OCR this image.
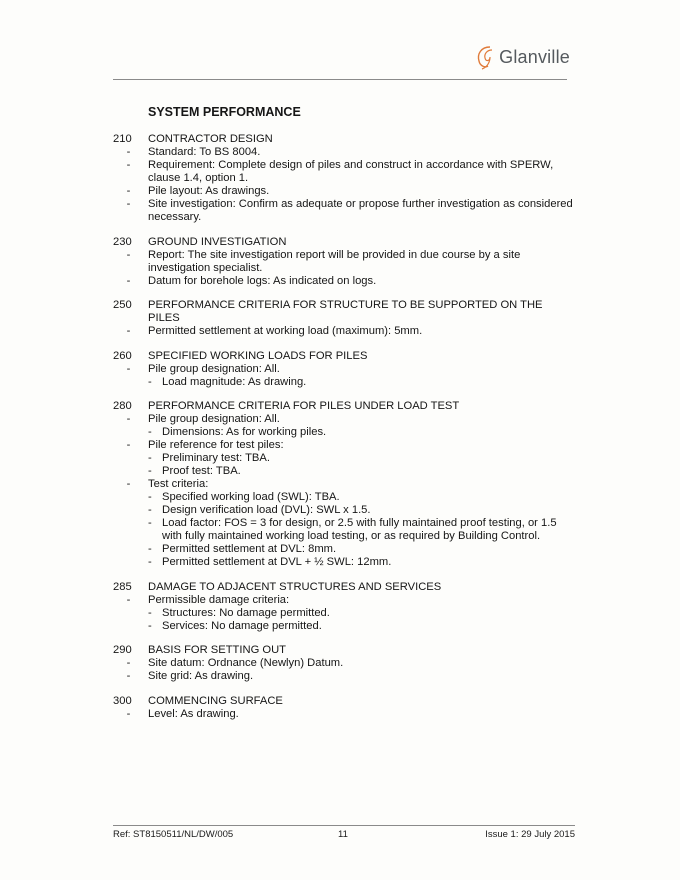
Glanville
SYSTEM PERFORMANCE
210	CONTRACTOR DESIGN
-	Standard: To BS 8004.
-	Requirement: Complete design of piles and construct in accordance with SPERW, clause 1.4, option 1.
-	Pile layout: As drawings.
-	Site investigation: Confirm as adequate or propose further investigation as considered necessary.
230	GROUND INVESTIGATION
-	Report: The site investigation report will be provided in due course by a site investigation specialist.
-	Datum for borehole logs: As indicated on logs.
250	PERFORMANCE CRITERIA FOR STRUCTURE TO BE SUPPORTED ON THE PILES
-	Permitted settlement at working load (maximum): 5mm.
260	SPECIFIED WORKING LOADS FOR PILES
-	Pile group designation: All.
- Load magnitude: As drawing.
280	PERFORMANCE CRITERIA FOR PILES UNDER LOAD TEST
-	Pile group designation: All.
- Dimensions: As for working piles.
-	Pile reference for test piles:
- Preliminary test: TBA.
- Proof test: TBA.
-	Test criteria:
- Specified working load (SWL): TBA.
- Design verification load (DVL): SWL x 1.5.
- Load factor: FOS = 3 for design, or 2.5 with fully maintained proof testing, or 1.5 with fully maintained working load testing, or as required by Building Control.
- Permitted settlement at DVL: 8mm.
- Permitted settlement at DVL + ½ SWL: 12mm.
285	DAMAGE TO ADJACENT STRUCTURES AND SERVICES
-	Permissible damage criteria:
- Structures: No damage permitted.
- Services: No damage permitted.
290	BASIS FOR SETTING OUT
-	Site datum: Ordnance (Newlyn) Datum.
-	Site grid: As drawing.
300	COMMENCING SURFACE
-	Level: As drawing.
Ref: ST8150511/NL/DW/005	11	Issue 1: 29 July 2015
